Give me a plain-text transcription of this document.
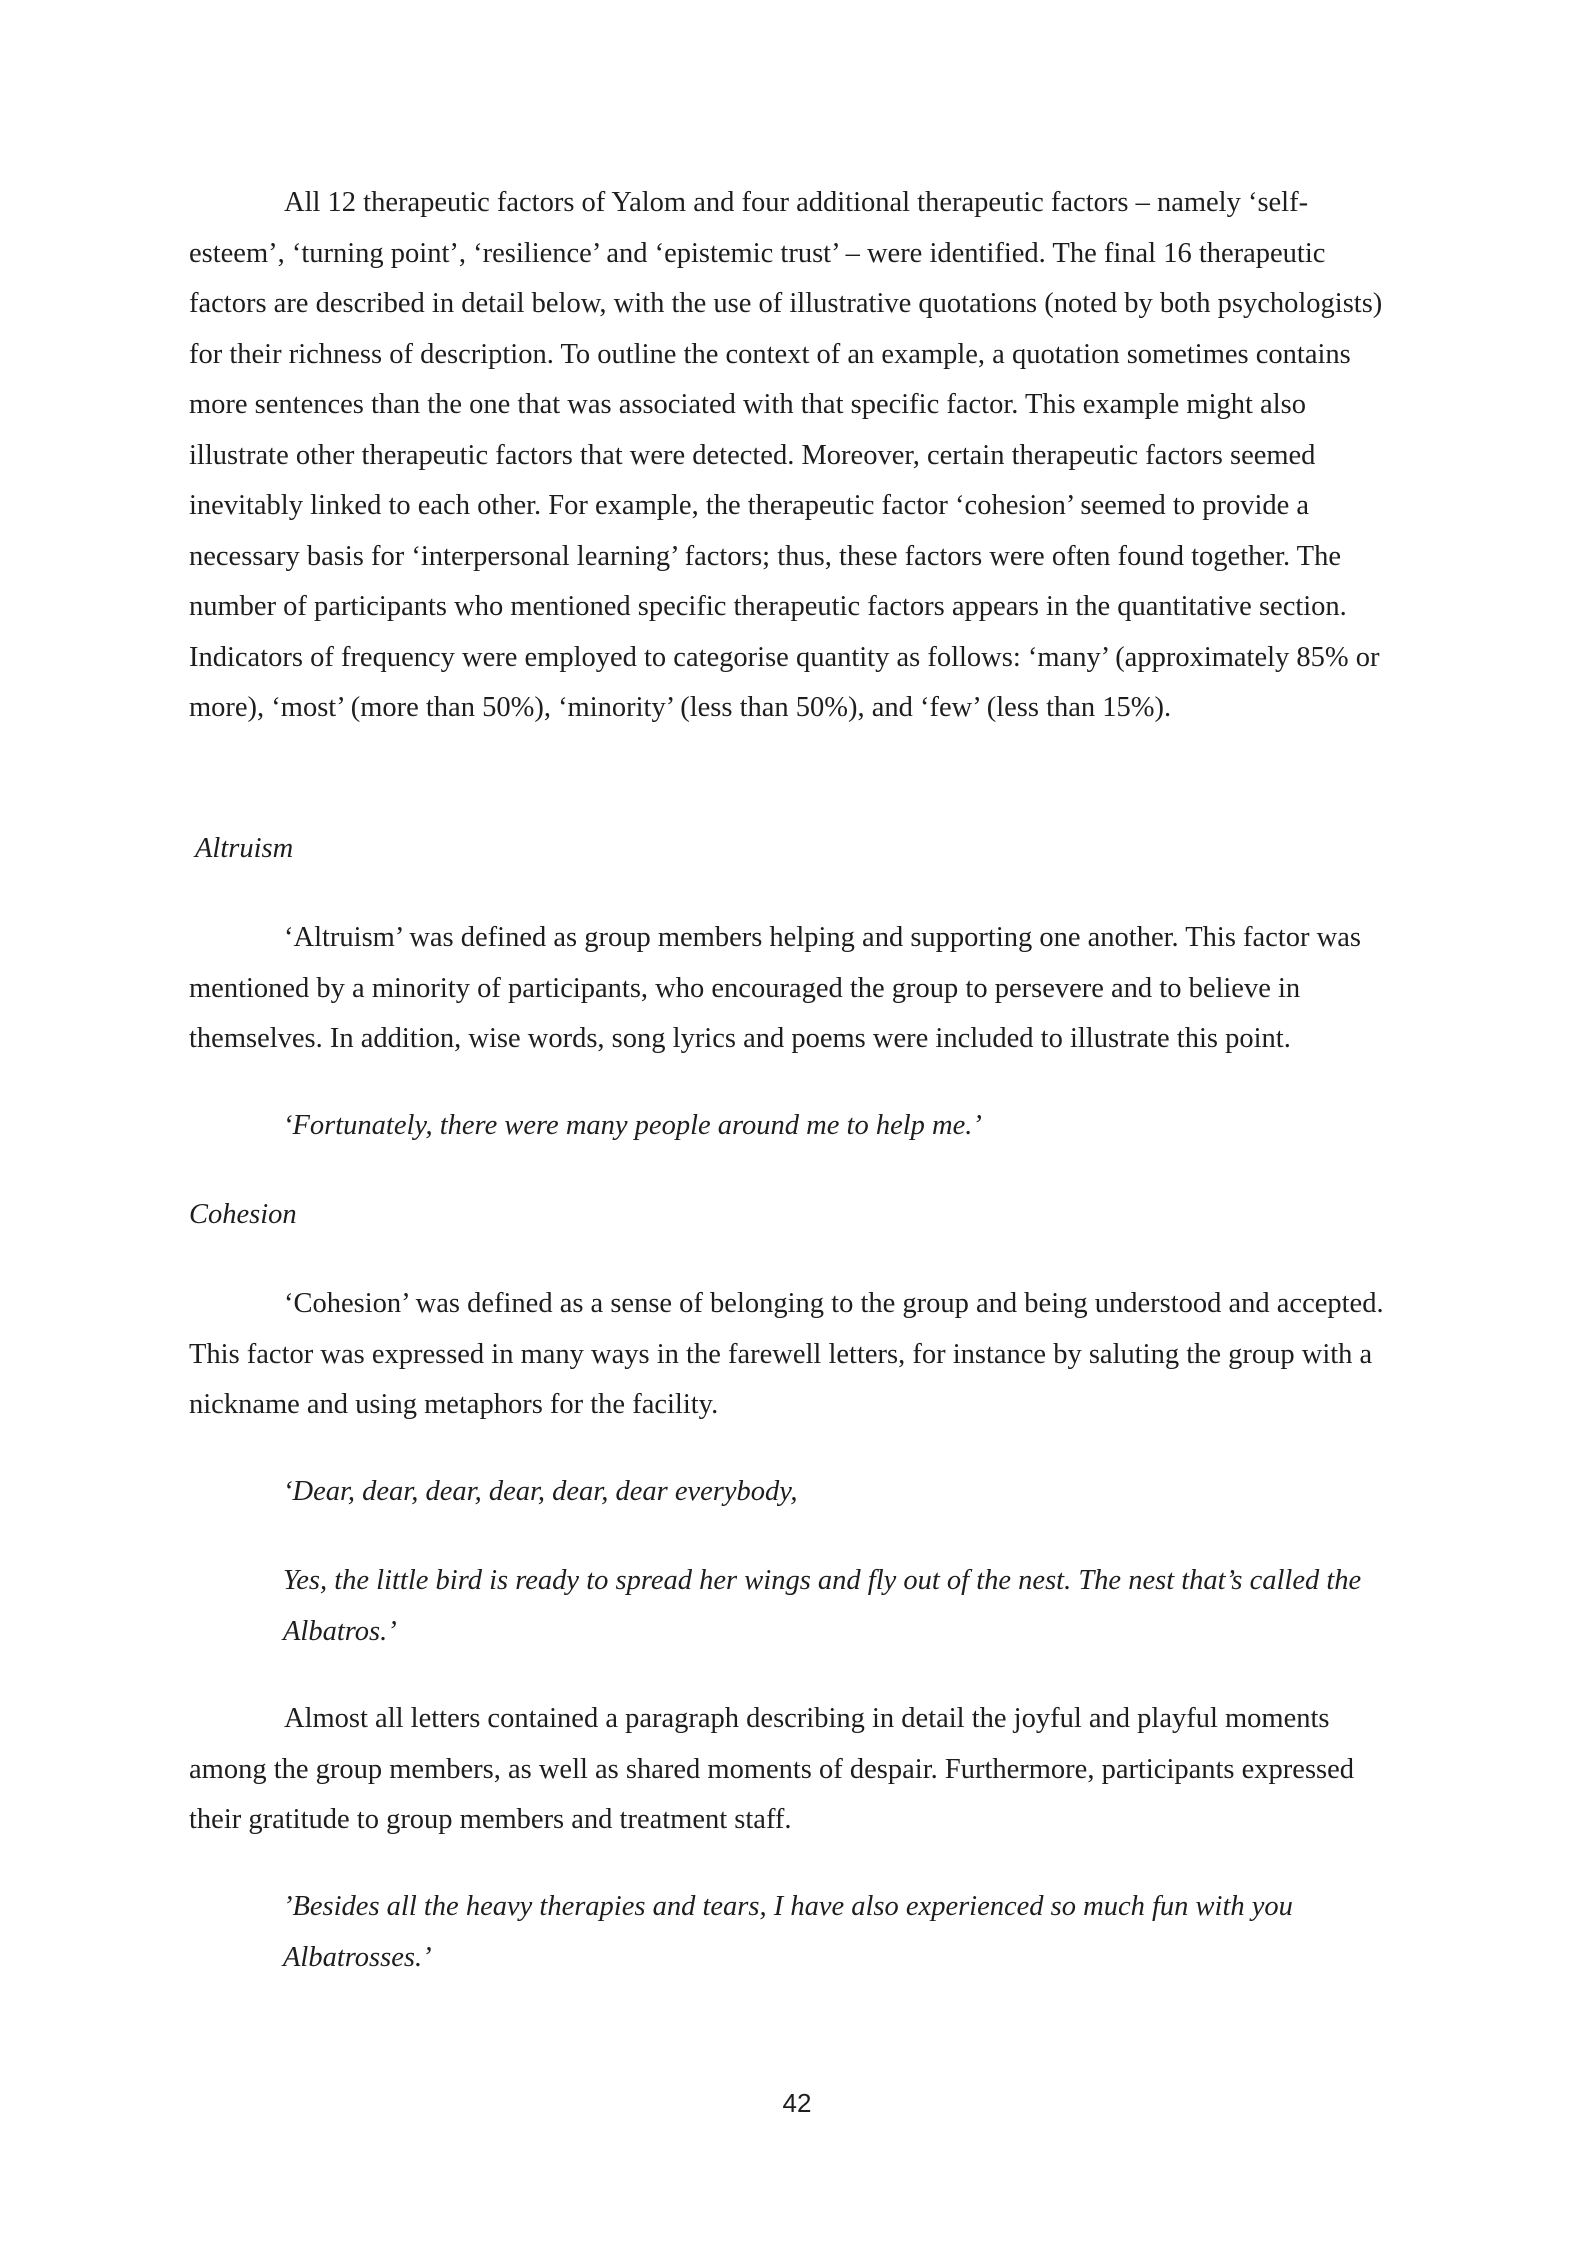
All 12 therapeutic factors of Yalom and four additional therapeutic factors – namely ‘self-esteem’, ‘turning point’, ‘resilience’ and ‘epistemic trust’ – were identified. The final 16 therapeutic factors are described in detail below, with the use of illustrative quotations (noted by both psychologists) for their richness of description. To outline the context of an example, a quotation sometimes contains more sentences than the one that was associated with that specific factor. This example might also illustrate other therapeutic factors that were detected. Moreover, certain therapeutic factors seemed inevitably linked to each other. For example, the therapeutic factor ‘cohesion’ seemed to provide a necessary basis for ‘interpersonal learning’ factors; thus, these factors were often found together. The number of participants who mentioned specific therapeutic factors appears in the quantitative section. Indicators of frequency were employed to categorise quantity as follows: ‘many’ (approximately 85% or more), ‘most’ (more than 50%), ‘minority’ (less than 50%), and ‘few’ (less than 15%).

Altruism

‘Altruism’ was defined as group members helping and supporting one another. This factor was mentioned by a minority of participants, who encouraged the group to persevere and to believe in themselves. In addition, wise words, song lyrics and poems were included to illustrate this point.

‘Fortunately, there were many people around me to help me.’

Cohesion

‘Cohesion’ was defined as a sense of belonging to the group and being understood and accepted. This factor was expressed in many ways in the farewell letters, for instance by saluting the group with a nickname and using metaphors for the facility.

‘Dear, dear, dear, dear, dear, dear everybody,

Yes, the little bird is ready to spread her wings and fly out of the nest. The nest that’s called the Albatros.’

Almost all letters contained a paragraph describing in detail the joyful and playful moments among the group members, as well as shared moments of despair. Furthermore, participants expressed their gratitude to group members and treatment staff.

’Besides all the heavy therapies and tears, I have also experienced so much fun with you Albatrosses.’

42
